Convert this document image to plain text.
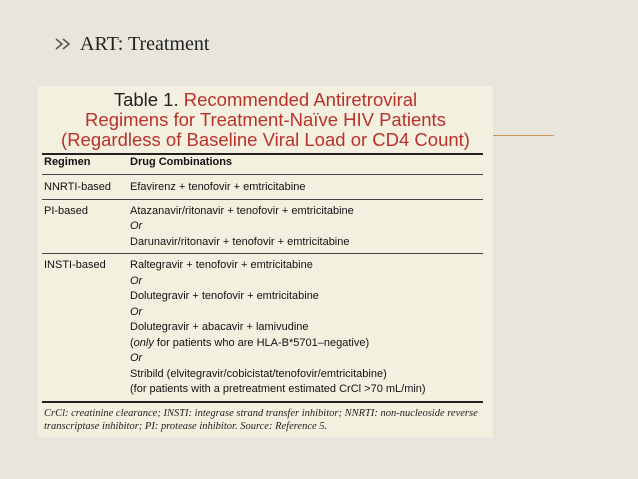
ART: Treatment
Table 1. Recommended Antiretroviral
Regimens for Treatment-Naïve HIV Patients
(Regardless of Baseline Viral Load or CD4 Count)
Regimen	Drug Combinations
NNRTI-based Efavirenz + tenofovir + emtricitabine
PI-based	Atazanavir/ritonavir + tenofovir + emtricitabine
Or
Darunavir/ritonavir + tenofovir + emtricitabine
INSTI-based Raltegravir + tenofovir + emtricitabine
Or
Dolutegravir + tenofovir + emtricitabine
Or
Dolutegravir + abacavir + lamivudine
(only for patients who are HLA-B*5701–negative)
Or
Stribild (elvitegravir/cobicistat/tenofovir/emtricitabine)
(for patients with a pretreatment estimated CrCl >70 mL/min)
CrCl: creatinine clearance; INSTI: integrase strand transfer inhibitor; NNRTI: non-nucleoside reverse transcriptase inhibitor; PI: protease inhibitor. Source: Reference 5.
